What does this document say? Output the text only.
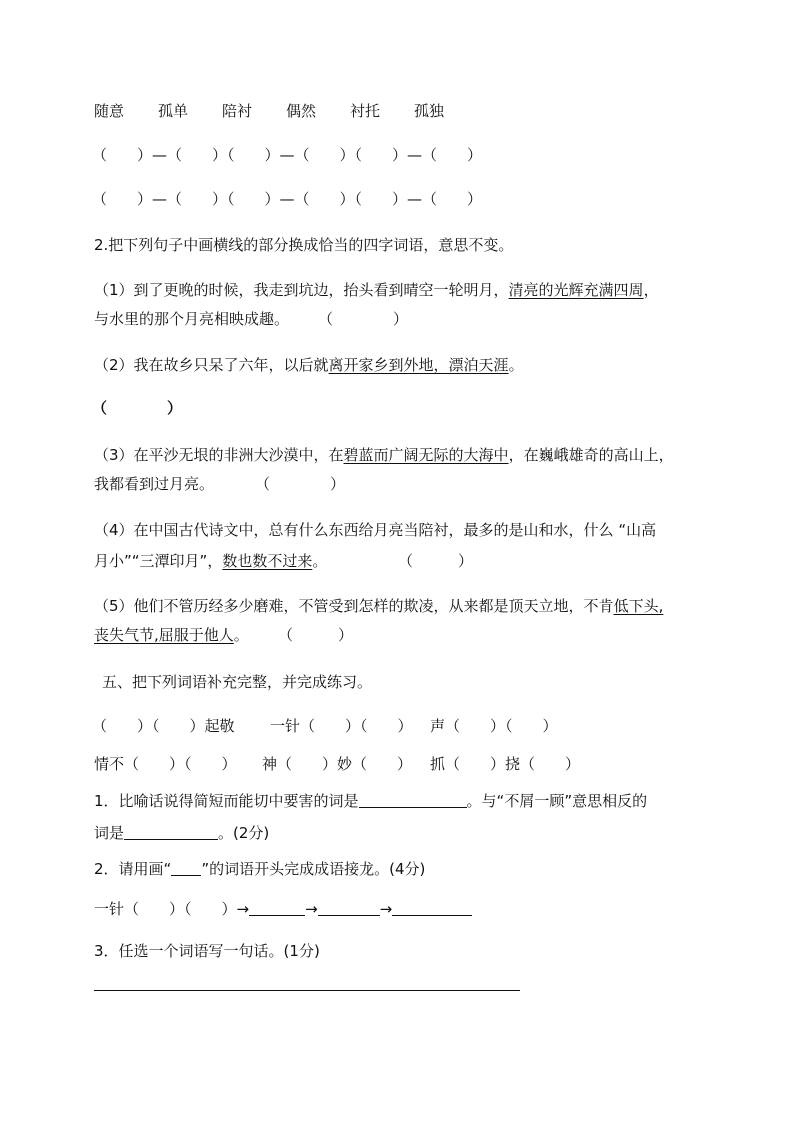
随意 孤单 陪衬 偶然 衬托 孤独
（　　）—（　　）（　　）—（　　）（　　）—（　　）
（　　）—（　　）（　　）—（　　）（　　）—（　　）
2.把下列句子中画横线的部分换成恰当的四字词语，意思不变。
（1）到了更晚的时候，我走到坑边，抬头看到晴空一轮明月，清亮的光辉充满四周，
与水里的那个月亮相映成趣。 （　　　　）
（2）我在故乡只呆了六年，以后就离开家乡到外地，漂泊天涯。
（　　　　）
（3）在平沙无垠的非洲大沙漠中，在碧蓝而广阔无际的大海中，在巍峨雄奇的高山上，
我都看到过月亮。	（　　　　）
（4）在中国古代诗文中，总有什么东西给月亮当陪衬，最多的是山和水，什么 “山高
月小”“三潭印月”，数也数不过来。	（　　　）
（5）他们不管历经多少磨难，不管受到怎样的欺凌，从来都是顶天立地，不肯低下头,
丧失气节,屈服于他人。 （　　　）
五、把下列词语补充完整，并完成练习。
（　　）（　　）起敬 一针（　　）（　　） 声（　　）（　　）
情不（　　）（　　） 神（　　）妙（　　） 抓（　　）挠（　　）
1．比喻话说得简短而能切中要害的词是	。与“不屑一顾”意思相反的
词是	。(2分)
2．请用画“ ”的词语开头完成成语接龙。(4分)
一针（　　）（　　）→	→	→
3．任选一个词语写一句话。(1分)
